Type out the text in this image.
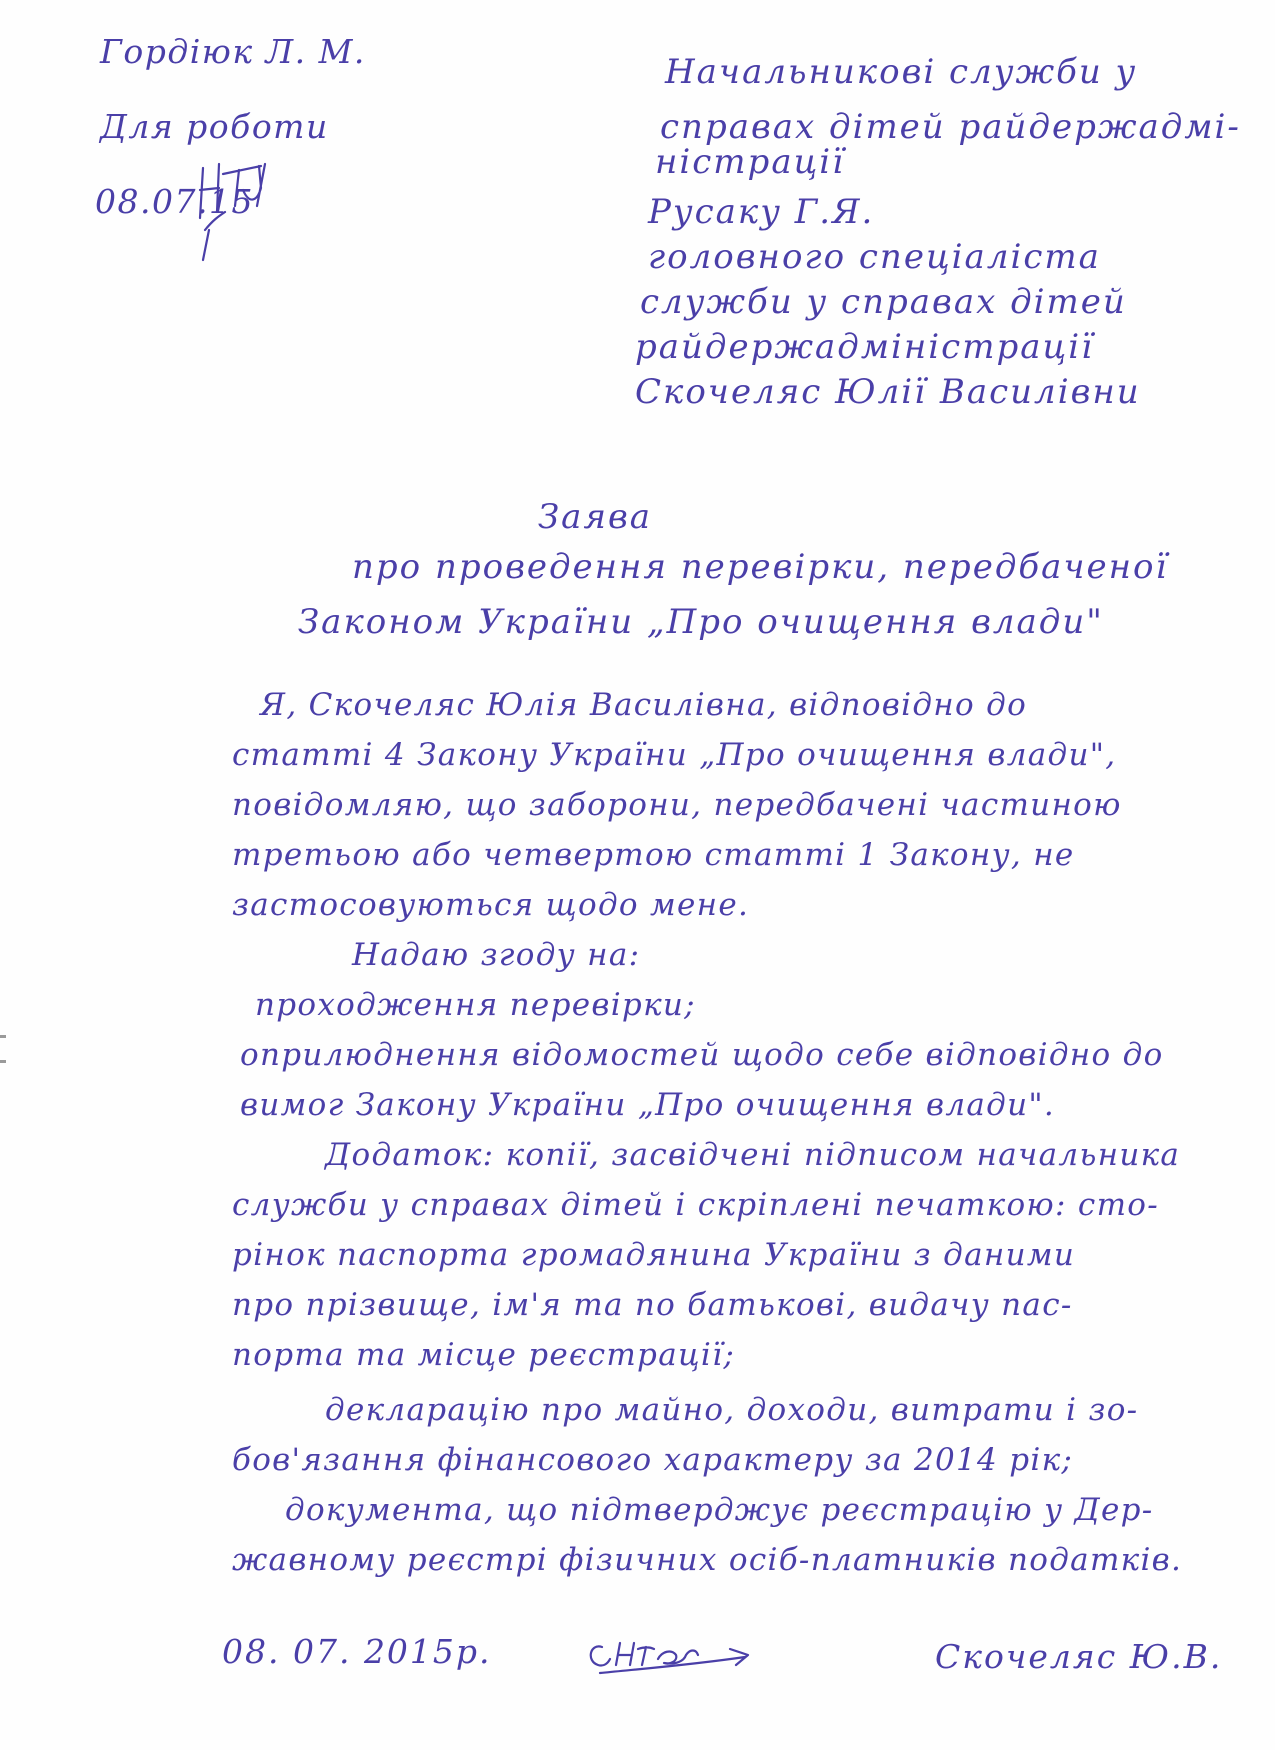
Гордіюк Л. М.
Для роботи
08.07.15
Начальникові служби у
справах дітей райдержадмі-
ністрації
Русаку Г.Я.
головного спеціаліста
служби у справах дітей
райдержадміністрації
Скочеляс Юлії Василівни
Заява
про проведення перевірки, передбаченої
Законом України „Про очищення влади"
Я, Скочеляс Юлія Василівна, відповідно до
статті 4 Закону України „Про очищення влади",
повідомляю, що заборони, передбачені частиною
третьою або четвертою статті 1 Закону, не
застосовуються щодо мене.
Надаю згоду на:
проходження перевірки;
оприлюднення відомостей щодо себе відповідно до
вимог Закону України „Про очищення влади".
Додаток: копії, засвідчені підписом начальника
служби у справах дітей і скріплені печаткою: сто-
рінок паспорта громадянина України з даними
про прізвище, ім'я та по батькові, видачу пас-
порта та місце реєстрації;
декларацію про майно, доходи, витрати і зо-
бов'язання фінансового характеру за 2014 рік;
документа, що підтверджує реєстрацію у Дер-
жавному реєстрі фізичних осіб-платників податків.
08. 07. 2015р.	Скочеляс Ю.В.
